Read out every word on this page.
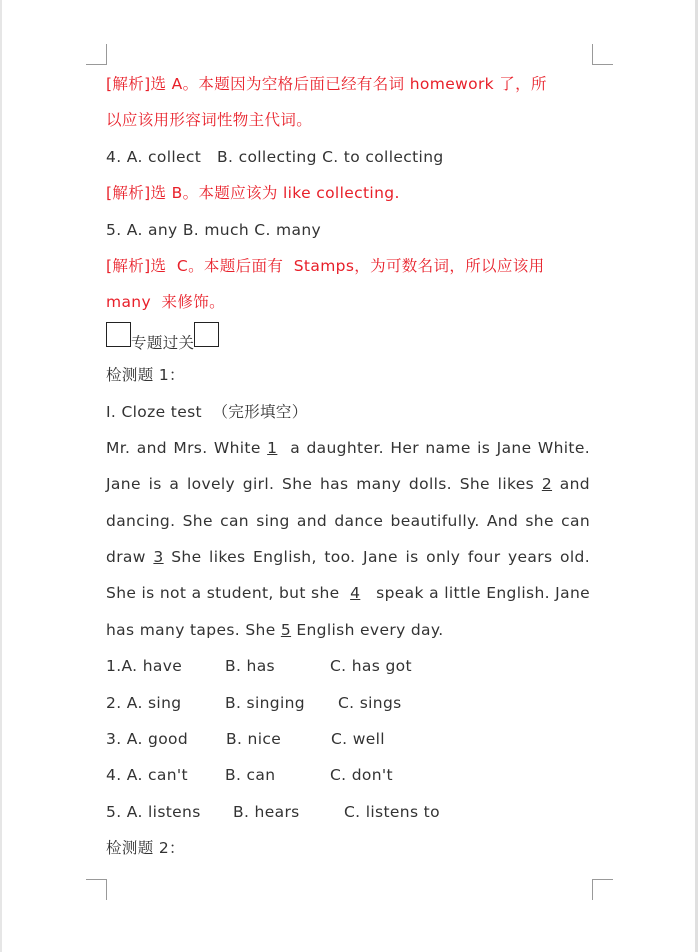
[解析]选 A。本题因为空格后面已经有名词 homework 了，所
以应该用形容词性物主代词。
4. A. collect   B. collecting C. to collecting
[解析]选 B。本题应该为 like collecting.
5. A. any B. much C. many
[解析]选  C。本题后面有  Stamps，为可数名词，所以应该用
many  来修饰。
专题过关
检测题 1：
I. Cloze test  （完形填空）
Mr. and Mrs. White 1  a daughter. Her name is Jane White.
Jane is a lovely girl. She has many dolls. She likes 2 and
dancing. She can sing and dance beautifully. And she can
draw 3 She likes English, too. Jane is only four years old.
She is not a student, but she  4   speak a little English. Jane
has many tapes. She 5 English every day.
1.A. have	B. has	C. has got
2. A. sing	B. singing C. sings
3. A. good B. nice	C. well
4. A. can't B. can	C. don't
5. A. listens B. hears	C. listens to
检测题 2：
